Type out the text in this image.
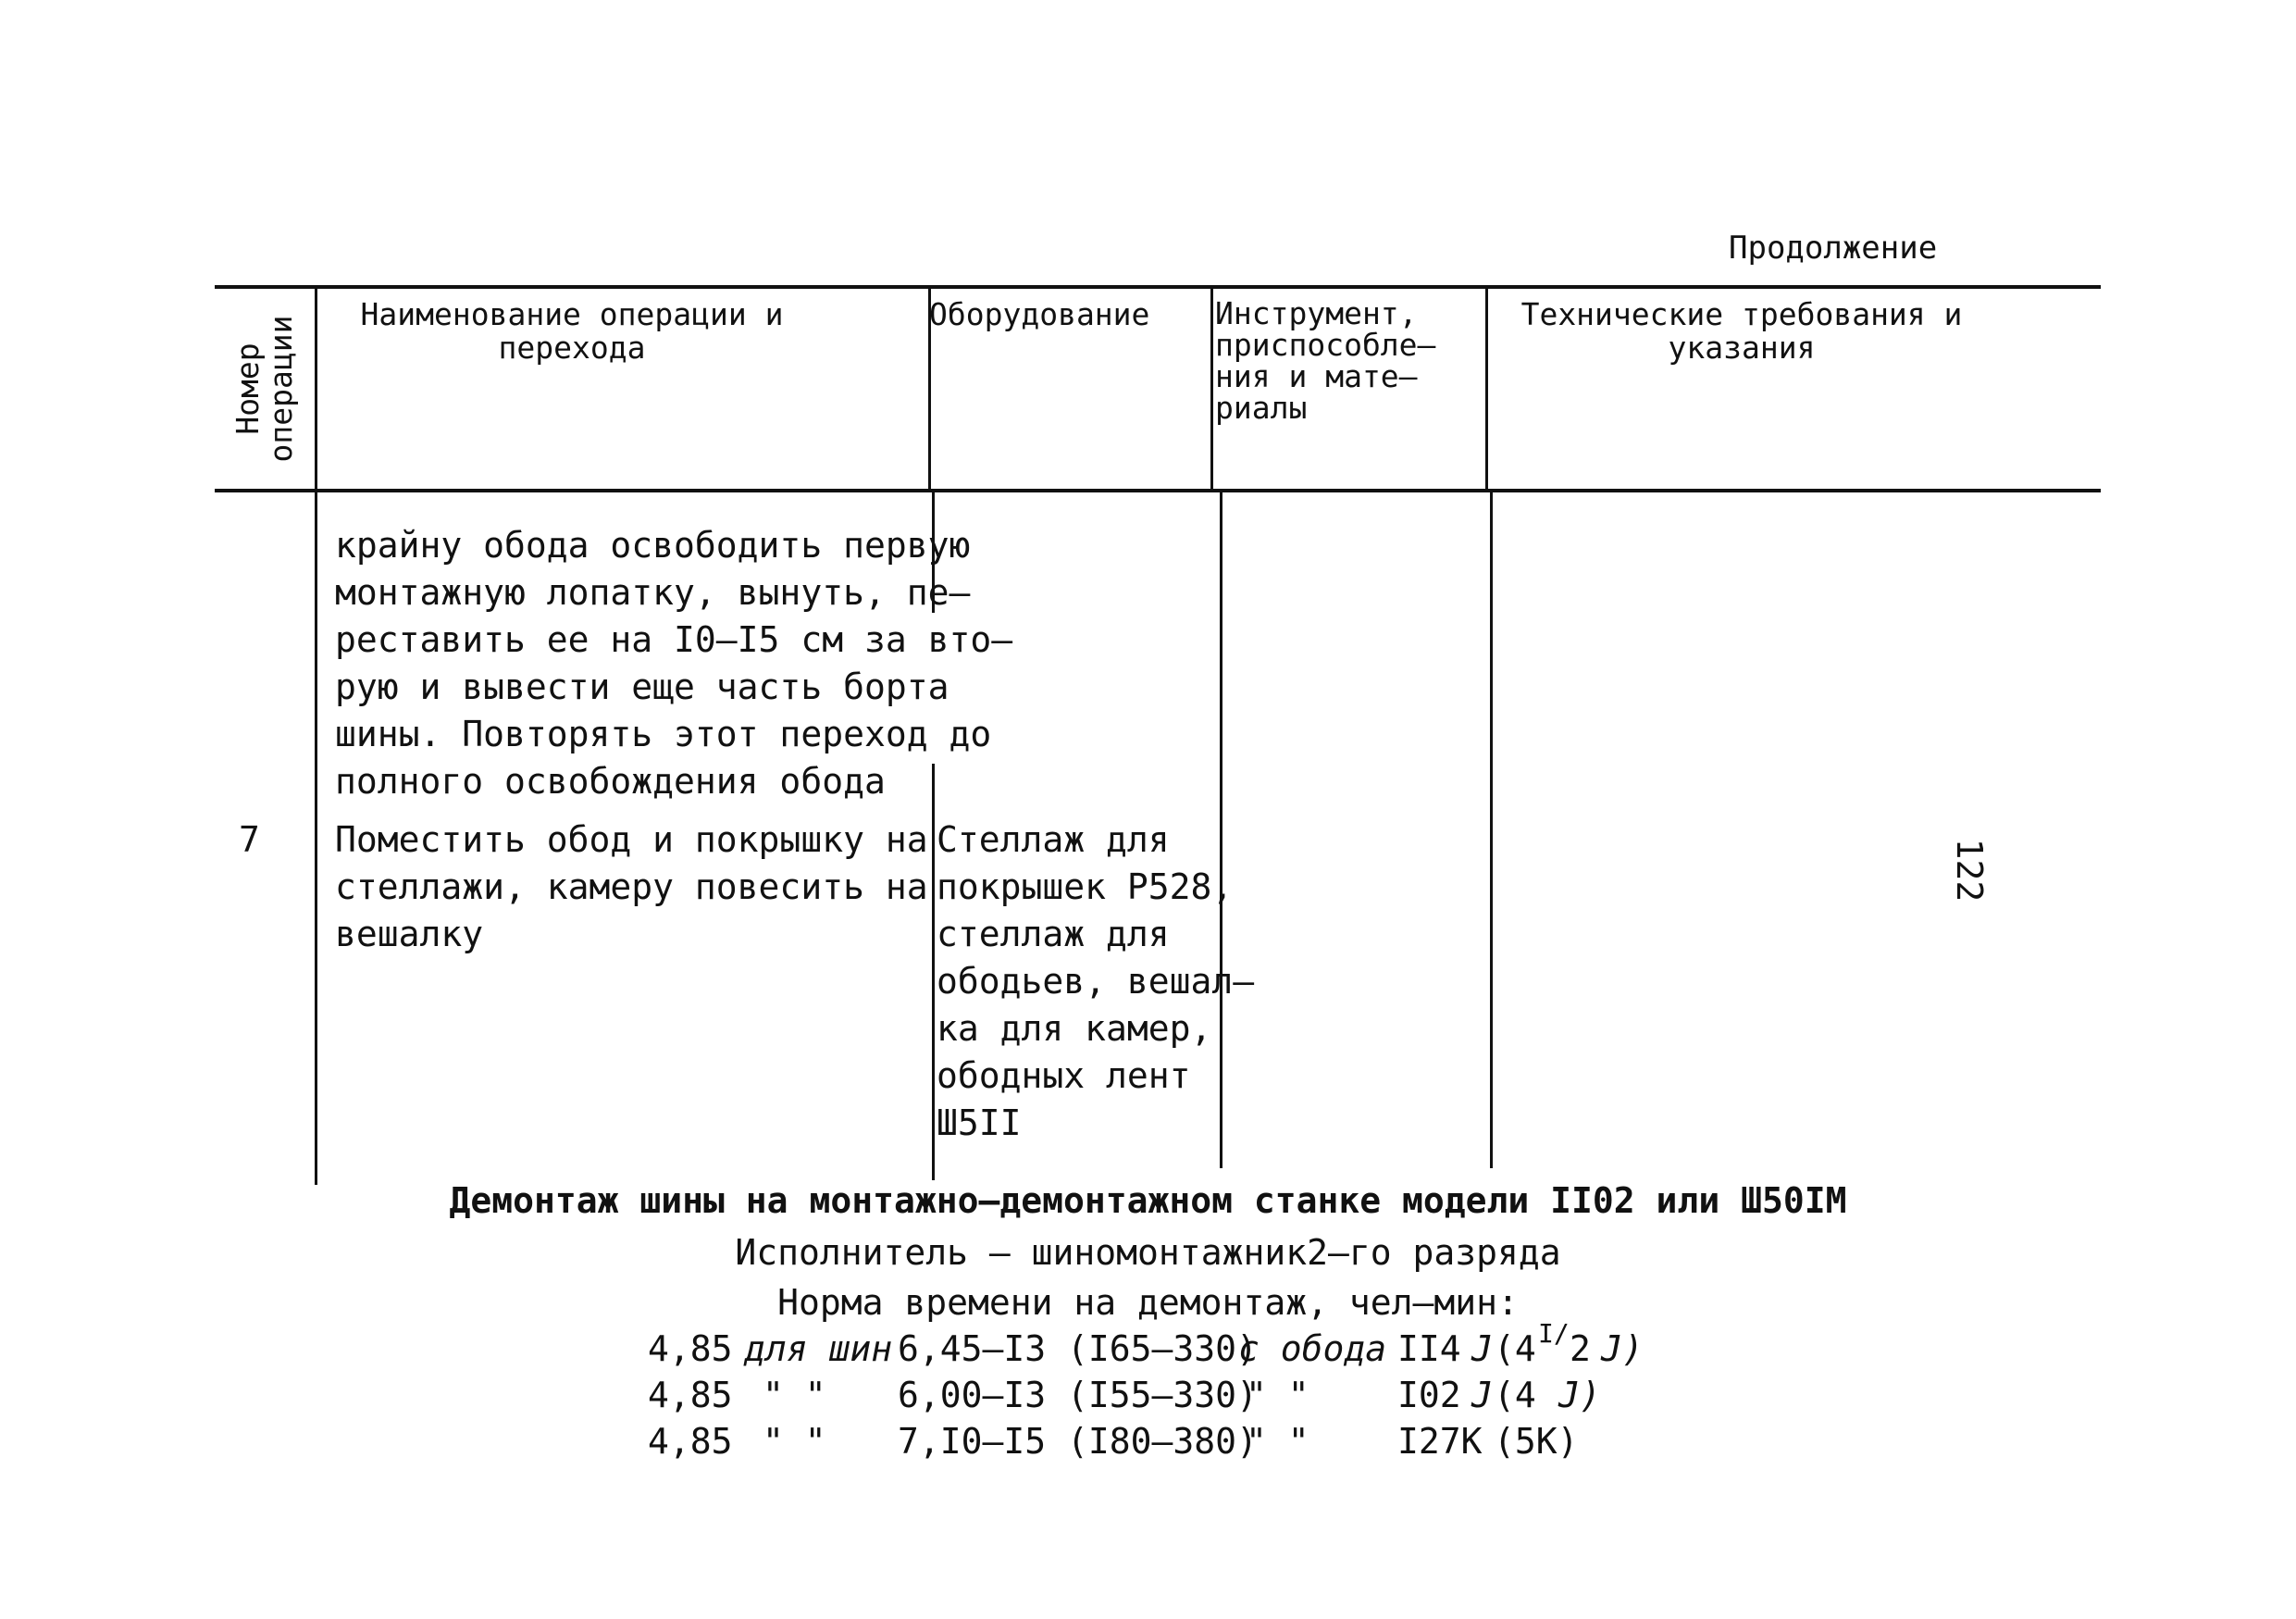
Продолжение
Номер
операции
Наименование операции и
перехода
Оборудование Инструмент,
приспособле–
ния и мате–
риалы
Технические требования и
указания
крайну обода освободить первую
монтажную лопатку, вынуть, пе–
реставить ее на I0–I5 см за вто–
рую и вывести еще часть борта
шины. Повторять этот переход до
полного освобождения обода
7 Поместить обод и покрышку на
стеллажи, камеру повесить на
вешалку
Стеллаж для
покрышек Р528,
стеллаж для
ободьев, вешал–
ка для камер,
ободных лент
Ш5II
122
Демонтаж шины на монтажно–демонтажном станке модели II02 или Ш50IМ
Исполнитель – шиномонтажник2–го разряда
Норма времени на демонтаж, чел–мин:
4,85 для шин 6,45–I3 (I65–330)
с обода II4 J (4 I/ 2 J)
4,85 " " 6,00–I3 (I55–330)
" "	I02 J (4 J)
4,85 " " 7,I0–I5 (I80–380)
" "	I27К (5К)
